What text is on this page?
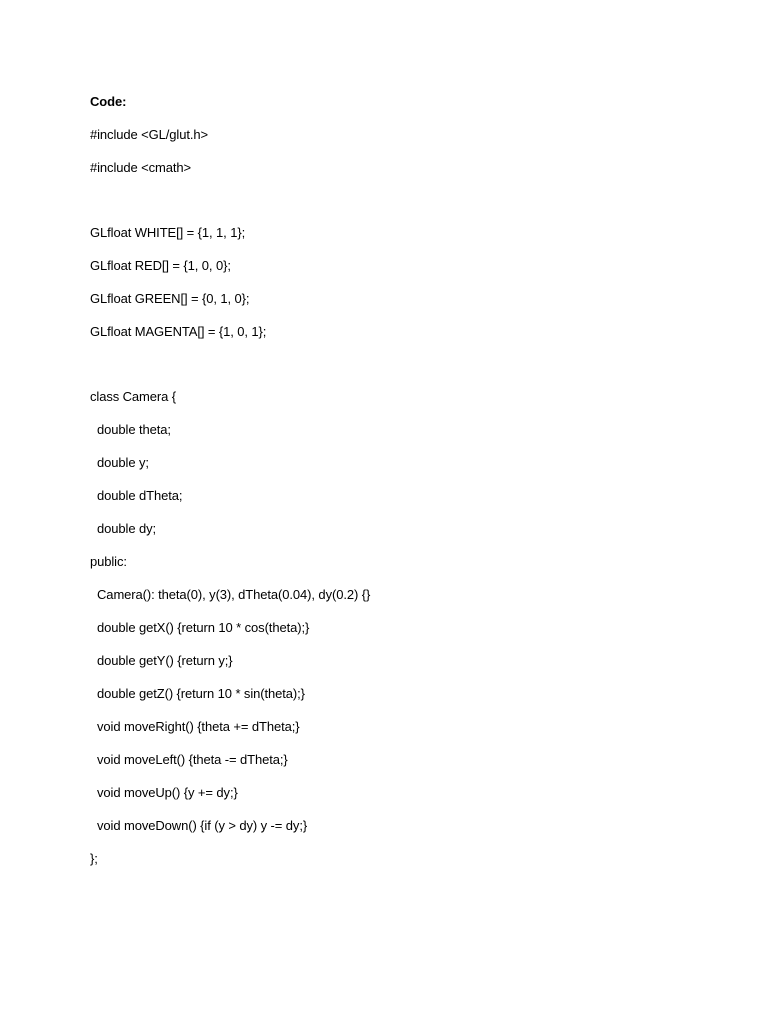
Code:
#include <GL/glut.h>
#include <cmath>
GLfloat WHITE[] = {1, 1, 1};
GLfloat RED[] = {1, 0, 0};
GLfloat GREEN[] = {0, 1, 0};
GLfloat MAGENTA[] = {1, 0, 1};
class Camera {
double theta;
double y;
double dTheta;
double dy;
public:
Camera(): theta(0), y(3), dTheta(0.04), dy(0.2) {}
double getX() {return 10 * cos(theta);}
double getY() {return y;}
double getZ() {return 10 * sin(theta);}
void moveRight() {theta += dTheta;}
void moveLeft() {theta -= dTheta;}
void moveUp() {y += dy;}
void moveDown() {if (y > dy) y -= dy;}
};
